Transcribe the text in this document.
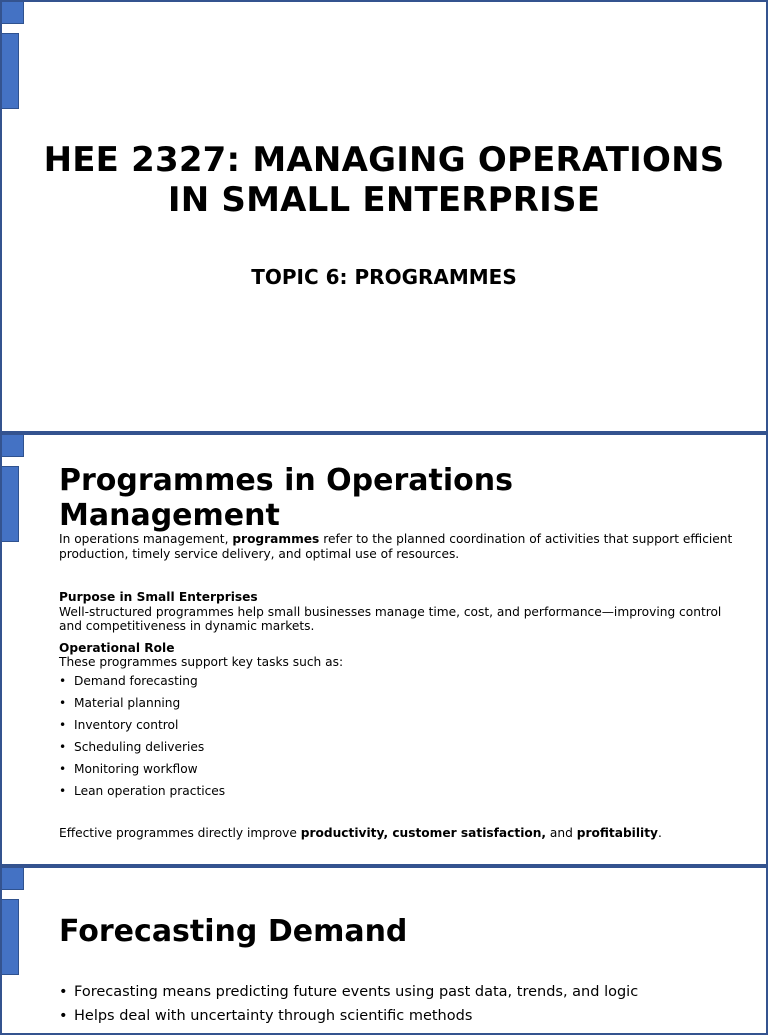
HEE 2327: MANAGING OPERATIONS
IN SMALL ENTERPRISE
TOPIC 6: PROGRAMMES
Programmes in Operations
Management

In operations management, programmes refer to the planned coordination of activities that support efficient production, timely service delivery, and optimal use of resources.

Purpose in Small Enterprises

Well-structured programmes help small businesses manage time, cost, and performance—improving control and competitiveness in dynamic markets.

Operational Role

These programmes support key tasks such as:

• Demand forecasting
• Material planning
• Inventory control
• Scheduling deliveries
• Monitoring workflow
• Lean operation practices

Effective programmes directly improve productivity, customer satisfaction, and profitability.

Forecasting Demand
• Forecasting means predicting future events using past data, trends, and logic
• Helps deal with uncertainty through scientific methods
